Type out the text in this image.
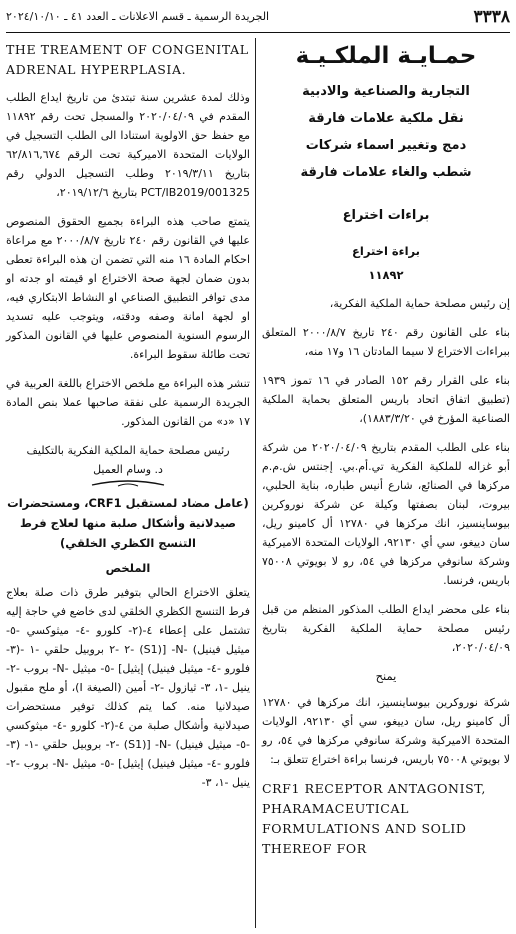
٣٣٣٨
الجريدة الرسمية ـ قسم الاعلانات ـ العدد ٤١ ـ ٢٠٢٤/١٠/١٠
حمـايـة الملكـيـة
التجارية والصناعية والادبية
نقل ملكية علامات فارقة
دمج وتغيير اسماء شركات
شطب والغاء علامات فارقة
براءات اختراع
براءة اختراع
١١٨٩٢

إن رئيس مصلحة حماية الملكية الفكرية،

بناء على القانون رقم ٢٤٠ تاريخ ٢٠٠٠/٨/٧ المتعلق ببراءات الاختراع لا سيما المادتان ١٦ و١٧ منه،

بناء على القرار رقم ١٥٢ الصادر في ١٦ تموز ١٩٣٩ (تطبيق اتفاق اتحاد باريس المتعلق بحماية الملكية الصناعية المؤرخ في ١٨٨٣/٣/٢٠)،

بناء على الطلب المقدم بتاريخ ٢٠٢٠/٠٤/٠٩ من شركة أبو غزاله للملكية الفكرية تي.أم.بي. إجنتس ش.م.م مركزها في الصنائع، شارع أنيس طباره، بناية الحلبي، بيروت، لبنان بصفتها وكيلة عن شركة نوروكرين بيوساينسيز، انك مركزها في ١٢٧٨٠ أل كامينو ريل، سان دييغو، سي أي ٩٢١٣٠، الولايات المتحدة الاميركية وشركة سانوفي مركزها في ٥٤، رو لا بويوتي ٧٥٠٠٨ باريس، فرنسا.

بناء على محضر ايداع الطلب المذكور المنظم من قبل رئيس مصلحة حماية الملكية الفكرية بتاريخ ٢٠٢٠/٠٤/٠٩،

يمنح

شركة نوروكرين بيوساينسيز، انك مركزها في ١٢٧٨٠ أل كامينو ريل، سان دييغو، سي أي ٩٢١٣٠، الولايات المتحدة الاميركية وشركة سانوفي مركزها في ٥٤، رو لا بويوتي ٧٥٠٠٨ باريس، فرنسا براءة اختراع تتعلق بـ:

CRF1 RECEPTOR ANTAGONIST, PHARAMACEUTICAL FORMULATIONS AND SOLID THEREOF FOR
THE TREAMENT OF CONGENITAL ADRENAL HYPERPLASIA.

وذلك لمدة عشرين سنة تبتدئ من تاريخ ايداع الطلب المقدم في ٢٠٢٠/٠٤/٠٩ والمسجل تحت رقم ١١٨٩٢ مع حفظ حق الاولوية استنادا الى الطلب التسجيل في الولايات المتحدة الاميركية تحت الرقم ٦٢/٨١٦,٦٧٤ بتاريخ ٢٠١٩/٣/١١ وطلب التسجيل الدولي رقم PCT/IB2019/001325 بتاريخ ٢٠١٩/١٢/٦،

يتمتع صاحب هذه البراءة بجميع الحقوق المنصوص عليها في القانون رقم ٢٤٠ تاريخ ٢٠٠٠/٨/٧ مع مراعاة احكام المادة ١٦ منه التي تضمن ان هذه البراءة تعطى بدون ضمان لجهة صحة الاختراع او قيمته او جدته او مدى توافر التطبيق الصناعي او النشاط الابتكاري فيه، او لجهة امانة وصفه ودقته، ويتوجب عليه تسديد الرسوم السنوية المنصوص عليها في القانون المذكور تحت طائلة سقوط البراءة.

تنشر هذه البراءة مع ملخص الاختراع باللغة العربية في الجريدة الرسمية على نفقة صاحبها عملا بنص المادة ١٧ «د» من القانون المذكور.

رئيس مصلحة حماية الملكية الفكرية بالتكليف
د. وسام العميل
(عامل مضاد لمستقبل CRF1، ومستحضرات صيدلانية وأشكال صلبة منها لعلاج فرط التنسج الكظري الخلقي)
الملخص

يتعلق الاختراع الحالي بتوفير طرق ذات صلة بعلاج فرط التنسج الكظري الخلقي لدى خاضع في حاجة إليه تشتمل على إعطاء ٤-(٢- كلورو -٤- ميثوكسي -٥- ميثيل فينيل) -N- [(S1) -٢ -٢ بروبيل حلقي -١ -(٣- فلورو -٤- ميثيل فينيل) إيثيل] -٥- ميثيل -N- بروب -٢- ينيل -١، ٣- ثيازول -٢- أمين (الصيغة I)، أو ملح مقبول صيدلانيا منه. كما يتم كذلك توفير مستحضرات صيدلانية وأشكال صلبة من ٤-(٢- كلورو -٤- ميثوكسي -٥- ميثيل فينيل) -N- [(S1) -٢- بروبيل حلقي -١- (٣- فلورو -٤- ميثيل فينيل) إيثيل] -٥- ميثيل -N- بروب -٢- ينيل -١، ٣-
